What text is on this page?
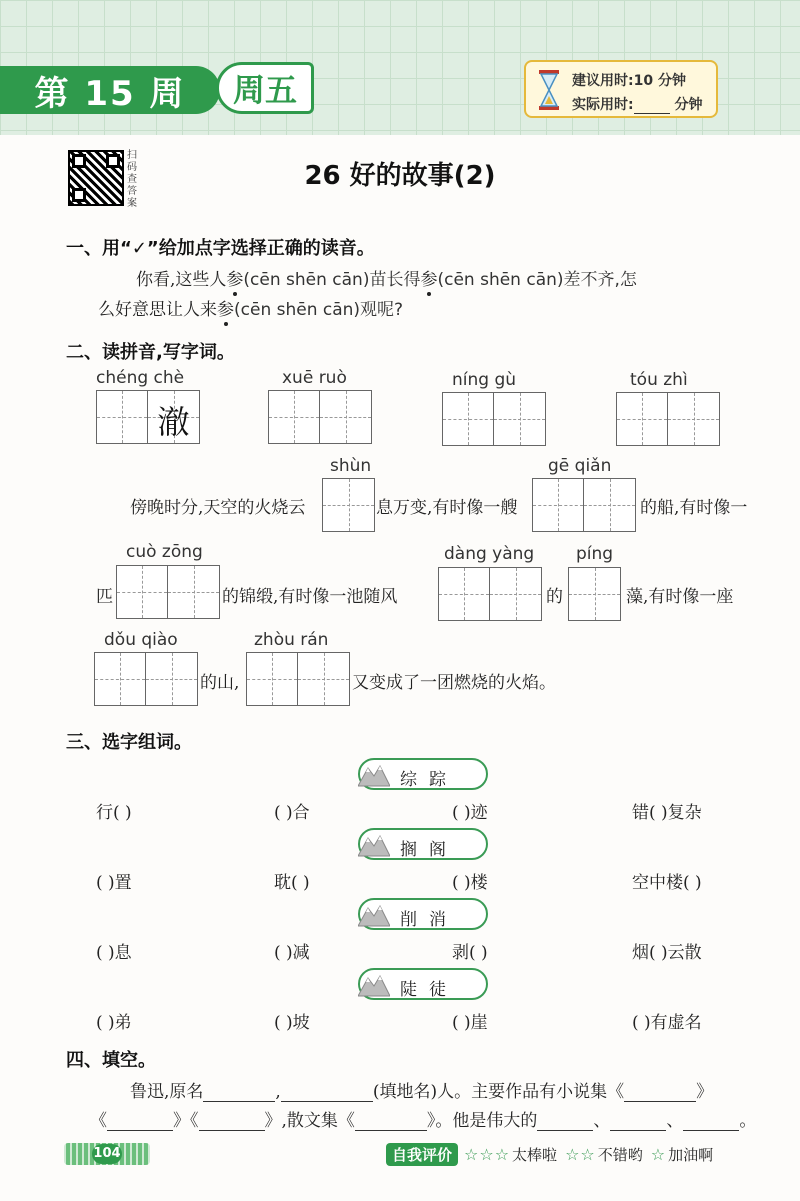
第 15 周	周五	建议用时:10 分钟
实际用时:	分钟
扫码查答案
26 好的故事(2)
一、用“✓”给加点字选择正确的读音。
你看,这些人参(cēn shēn cān)苗长得参(cēn shēn cān)差不齐,怎
么好意思让人来参(cēn shēn cān)观呢?
二、读拼音,写字词。
chéng chè
澈
xuē ruò	níng gù	tóu zhì
shùn
傍晚时分,天空的火烧云	息万变,有时像一艘
gē qiǎn
的船,有时像一
匹
cuò zōng
的锦缎,有时像一池随风
dàng yàng
的
píng
藻,有时像一座
dǒu qiào
的山,
zhòu rán
又变成了一团燃烧的火焰。
三、选字组词。
综踪
行( )	( )合	( )迹	错( )复杂
搁阁
( )置	耽( )	( )楼	空中楼( )
削消
( )息	( )减	剥( )	烟( )云散
陡徒
( )弟	( )坡	( )崖	( )有虚名
四、填空。
鲁迅,原名	,	(填地名)人。主要作品有小说集《	》
《	》《	》,散文集《	》。他是伟大的	、	、	。
104	自我评价 ☆☆☆ 太棒啦 ☆☆ 不错哟 ☆ 加油啊
